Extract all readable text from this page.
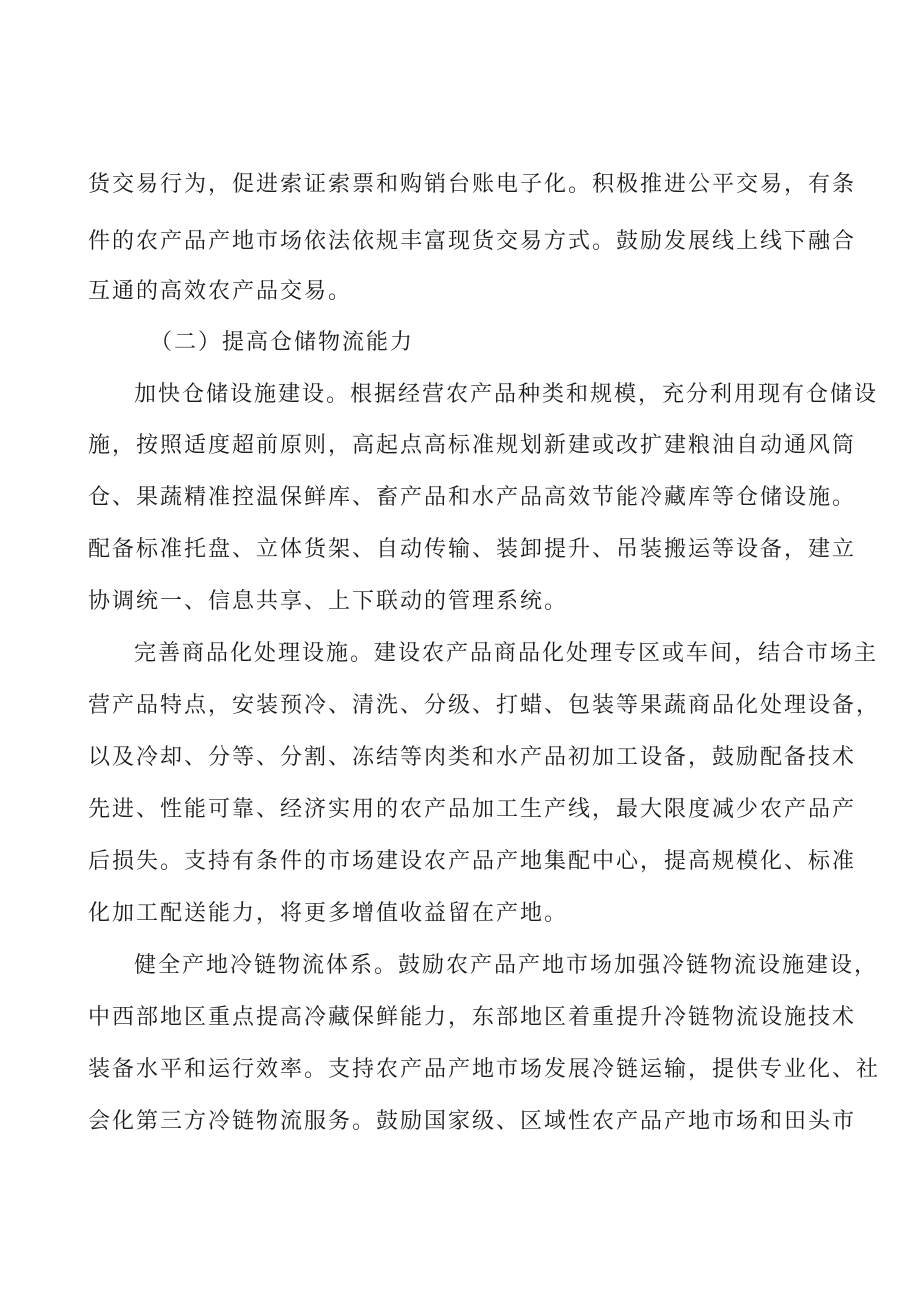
货交易行为，促进索证索票和购销台账电子化。积极推进公平交易，有条
件的农产品产地市场依法依规丰富现货交易方式。鼓励发展线上线下融合
互通的高效农产品交易。
（二）提高仓储物流能力
加快仓储设施建设。根据经营农产品种类和规模，充分利用现有仓储设
施，按照适度超前原则，高起点高标准规划新建或改扩建粮油自动通风筒
仓、果蔬精准控温保鲜库、畜产品和水产品高效节能冷藏库等仓储设施。
配备标准托盘、立体货架、自动传输、装卸提升、吊装搬运等设备，建立
协调统一、信息共享、上下联动的管理系统。
完善商品化处理设施。建设农产品商品化处理专区或车间，结合市场主
营产品特点，安装预冷、清洗、分级、打蜡、包装等果蔬商品化处理设备，
以及冷却、分等、分割、冻结等肉类和水产品初加工设备，鼓励配备技术
先进、性能可靠、经济实用的农产品加工生产线，最大限度减少农产品产
后损失。支持有条件的市场建设农产品产地集配中心，提高规模化、标准
化加工配送能力，将更多增值收益留在产地。
健全产地冷链物流体系。鼓励农产品产地市场加强冷链物流设施建设，
中西部地区重点提高冷藏保鲜能力，东部地区着重提升冷链物流设施技术
装备水平和运行效率。支持农产品产地市场发展冷链运输，提供专业化、社
会化第三方冷链物流服务。鼓励国家级、区域性农产品产地市场和田头市
